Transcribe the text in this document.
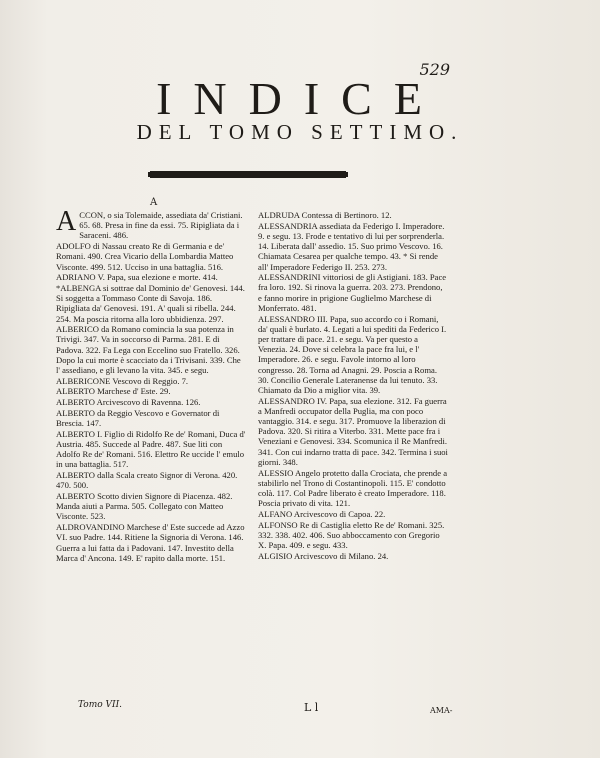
529
INDICE
DEL TOMO SETTIMO.
A
ACCON, o sia Tolemaide, assediata da' Cristiani. 65. 68. Presa in fine da essi. 75. Ripigliata da i Saraceni. 486.
ADOLFO di Nassau creato Re di Germania e de' Romani. 490. Crea Vicario della Lombardia Matteo Visconte. 499. 512. Ucciso in una battaglia. 516.
ADRIANO V. Papa, sua elezione e morte. 414.
*ALBENGA si sottrae dal Dominio de' Genovesi. 144. Si soggetta a Tommaso Conte di Savoja. 186. Ripigliata da' Genovesi. 191. A' quali si ribella. 244. 254. Ma poscia ritorna alla loro ubbidienza. 297.
ALBERICO da Romano comincia la sua potenza in Trivigi. 347. Va in soccorso di Parma. 281. E di Padova. 322. Fa Lega con Eccelino suo Fratello. 326. Dopo la cui morte è scacciato da i Trivisani. 339. Che l' assediano, e gli levano la vita. 345. e segu.
ALBERICONE Vescovo di Reggio. 7.
ALBERTO Marchese d' Este. 29.
ALBERTO Arcivescovo di Ravenna. 126.
ALBERTO da Reggio Vescovo e Governator di Brescia. 147.
ALBERTO I. Figlio di Ridolfo Re de' Romani, Duca d' Austria. 485. Succede al Padre. 487. Sue liti con Adolfo Re de' Romani. 516. Elettro Re uccide l' emulo in una battaglia. 517.
ALBERTO dalla Scala creato Signor di Verona. 420. 470. 500.
ALBERTO Scotto divien Signore di Piacenza. 482. Manda aiuti a Parma. 505. Collegato con Matteo Visconte. 523.
ALDROVANDINO Marchese d' Este succede ad Azzo VI. suo Padre. 144. Ritiene la Signoria di Verona. 146. Guerra a lui fatta da i Padovani. 147. Investito della Marca d' Ancona. 149. E' rapito dalla morte. 151.
ALDRUDA Contessa di Bertinoro. 12.
ALESSANDRIA assediata da Federigo I. Imperadore. 9. e segu. 13. Frode e tentativo di lui per sorprenderla. 14. Liberata dall' assedio. 15. Suo primo Vescovo. 16. Chiamata Cesarea per qualche tempo. 43. * Si rende all' Imperadore Federigo II. 253. 273.
ALESSANDRINI vittoriosi de gli Astigiani. 183. Pace fra loro. 192. Si rinova la guerra. 203. 273. Prendono, e fanno morire in prigione Guglielmo Marchese di Monferrato. 481.
ALESSANDRO III. Papa, suo accordo co i Romani, da' quali è burlato. 4. Legati a lui spediti da Federico I. per trattare di pace. 21. e segu. Va per questo a Venezia. 24. Dove si celebra la pace fra lui, e l' Imperadore. 26. e segu. Favole intorno al loro congresso. 28. Torna ad Anagni. 29. Poscia a Roma. 30. Concilio Generale Lateranense da lui tenuto. 33. Chiamato da Dio a miglior vita. 39.
ALESSANDRO IV. Papa, sua elezione. 312. Fa guerra a Manfredi occupator della Puglia, ma con poco vantaggio. 314. e segu. 317. Promuove la liberazion di Padova. 320. Si ritira a Viterbo. 331. Mette pace fra i Veneziani e Genovesi. 334. Scomunica il Re Manfredi. 341. Con cui indarno tratta di pace. 342. Termina i suoi giorni. 348.
ALESSIO Angelo protetto dalla Crociata, che prende a stabilirlo nel Trono di Costantinopoli. 115. E' condotto colà. 117. Col Padre liberato è creato Imperadore. 118. Poscia privato di vita. 121.
ALFANO Arcivescovo di Capoa. 22.
ALFONSO Re di Castiglia eletto Re de' Romani. 325. 332. 338. 402. 406. Suo abboccamento con Gregorio X. Papa. 409. e segu. 433.
ALGISIO Arcivescovo di Milano. 24.
Tomo VII.	L l	AMA-
